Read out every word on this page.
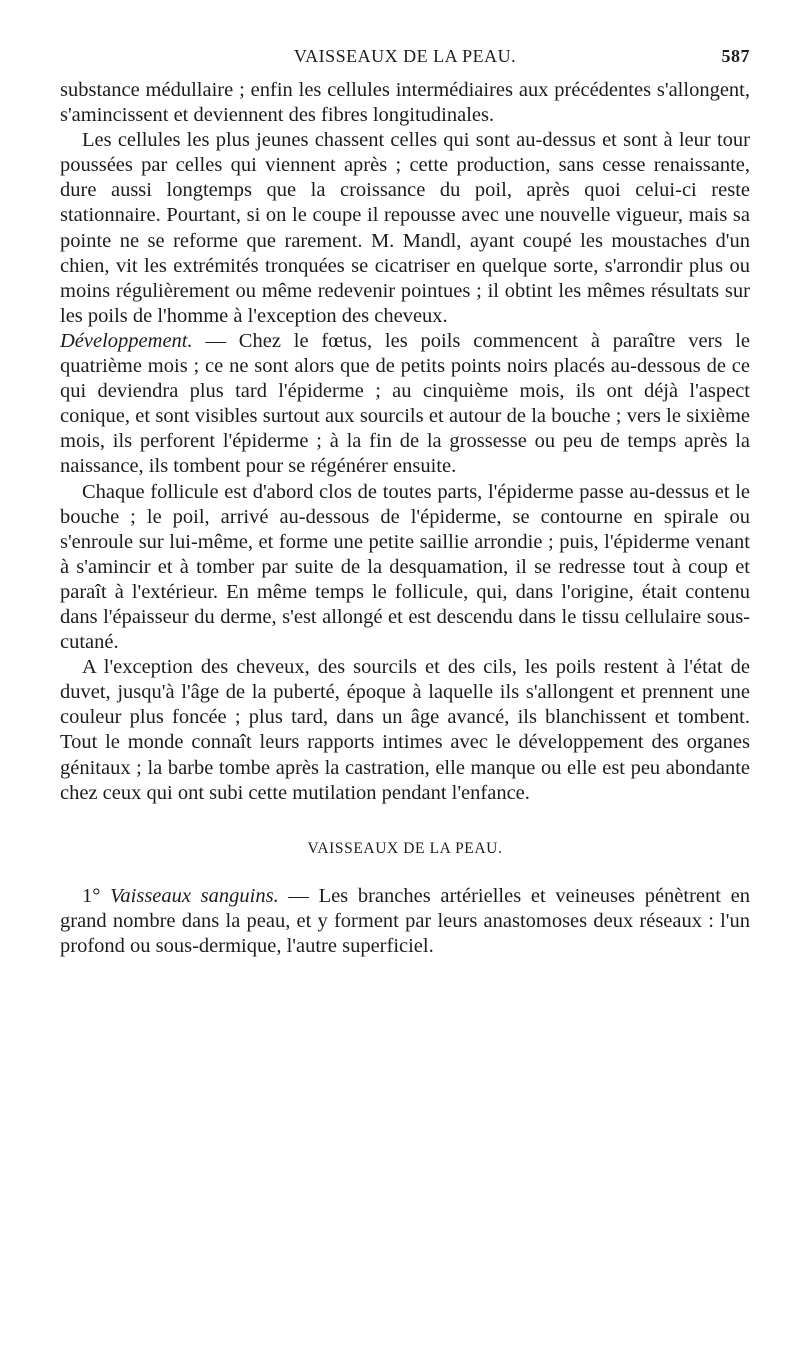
VAISSEAUX DE LA PEAU.	587

substance médullaire ; enfin les cellules intermédiaires aux précédentes s'allongent, s'amincissent et deviennent des fibres longitudinales.

Les cellules les plus jeunes chassent celles qui sont au-dessus et sont à leur tour poussées par celles qui viennent après ; cette production, sans cesse renaissante, dure aussi longtemps que la croissance du poil, après quoi celui-ci reste stationnaire. Pourtant, si on le coupe il repousse avec une nouvelle vigueur, mais sa pointe ne se reforme que rarement. M. Mandl, ayant coupé les moustaches d'un chien, vit les extrémités tronquées se cicatriser en quelque sorte, s'arrondir plus ou moins régulièrement ou même redevenir pointues ; il obtint les mêmes résultats sur les poils de l'homme à l'exception des cheveux.

Développement. — Chez le fœtus, les poils commencent à paraître vers le quatrième mois ; ce ne sont alors que de petits points noirs placés au-dessous de ce qui deviendra plus tard l'épiderme ; au cinquième mois, ils ont déjà l'aspect conique, et sont visibles surtout aux sourcils et autour de la bouche ; vers le sixième mois, ils perforent l'épiderme ; à la fin de la grossesse ou peu de temps après la naissance, ils tombent pour se régénérer ensuite.

Chaque follicule est d'abord clos de toutes parts, l'épiderme passe au-dessus et le bouche ; le poil, arrivé au-dessous de l'épiderme, se contourne en spirale ou s'enroule sur lui-même, et forme une petite saillie arrondie ; puis, l'épiderme venant à s'amincir et à tomber par suite de la desquamation, il se redresse tout à coup et paraît à l'extérieur. En même temps le follicule, qui, dans l'origine, était contenu dans l'épaisseur du derme, s'est allongé et est descendu dans le tissu cellulaire sous-cutané.

A l'exception des cheveux, des sourcils et des cils, les poils restent à l'état de duvet, jusqu'à l'âge de la puberté, époque à laquelle ils s'allongent et prennent une couleur plus foncée ; plus tard, dans un âge avancé, ils blanchissent et tombent. Tout le monde connaît leurs rapports intimes avec le développement des organes génitaux ; la barbe tombe après la castration, elle manque ou elle est peu abondante chez ceux qui ont subi cette mutilation pendant l'enfance.

VAISSEAUX DE LA PEAU.

1° Vaisseaux sanguins. — Les branches artérielles et veineuses pénètrent en grand nombre dans la peau, et y forment par leurs anastomoses deux réseaux : l'un profond ou sous-dermique, l'autre superficiel.
